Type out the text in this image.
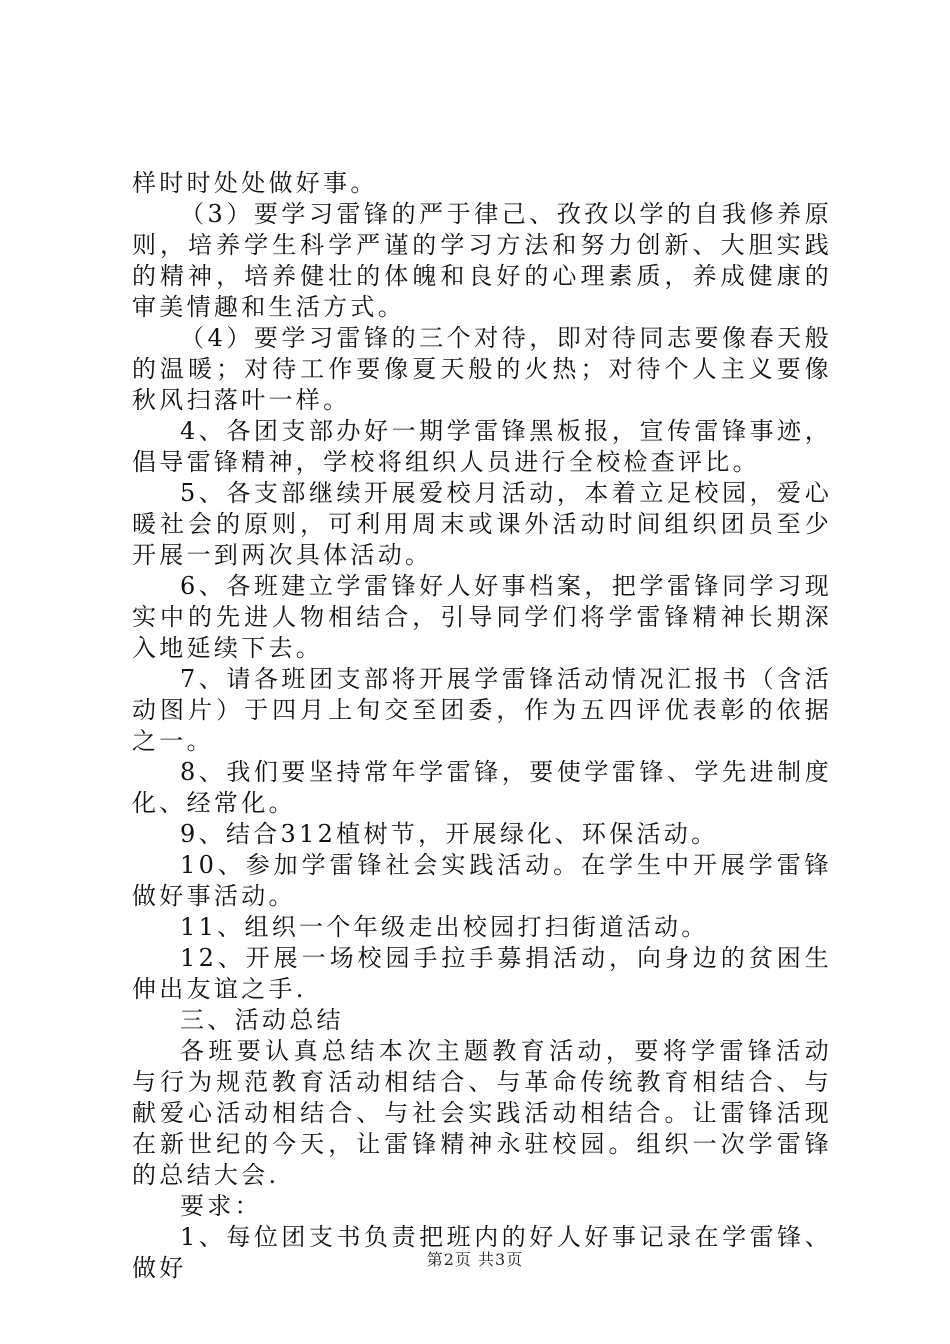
样时时处处做好事。

（3）要学习雷锋的严于律己、孜孜以学的自我修养原则，培养学生科学严谨的学习方法和努力创新、大胆实践的精神，培养健壮的体魄和良好的心理素质，养成健康的审美情趣和生活方式。

（4）要学习雷锋的三个对待，即对待同志要像春天般的温暖；对待工作要像夏天般的火热；对待个人主义要像秋风扫落叶一样。

4、各团支部办好一期学雷锋黑板报，宣传雷锋事迹，倡导雷锋精神，学校将组织人员进行全校检查评比。

5、各支部继续开展爱校月活动，本着立足校园，爱心暖社会的原则，可利用周末或课外活动时间组织团员至少开展一到两次具体活动。

6、各班建立学雷锋好人好事档案，把学雷锋同学习现实中的先进人物相结合，引导同学们将学雷锋精神长期深入地延续下去。

7、请各班团支部将开展学雷锋活动情况汇报书（含活动图片）于四月上旬交至团委，作为五四评优表彰的依据之一。

8、我们要坚持常年学雷锋，要使学雷锋、学先进制度化、经常化。

9、结合312植树节，开展绿化、环保活动。

10、参加学雷锋社会实践活动。在学生中开展学雷锋做好事活动。

11、组织一个年级走出校园打扫街道活动。

12、开展一场校园手拉手募捐活动，向身边的贫困生伸出友谊之手.

三、活动总结

各班要认真总结本次主题教育活动，要将学雷锋活动与行为规范教育活动相结合、与革命传统教育相结合、与献爱心活动相结合、与社会实践活动相结合。让雷锋活现在新世纪的今天，让雷锋精神永驻校园。组织一次学雷锋的总结大会.

要求：

1、每位团支书负责把班内的好人好事记录在学雷锋、做好	第2页 共3页
